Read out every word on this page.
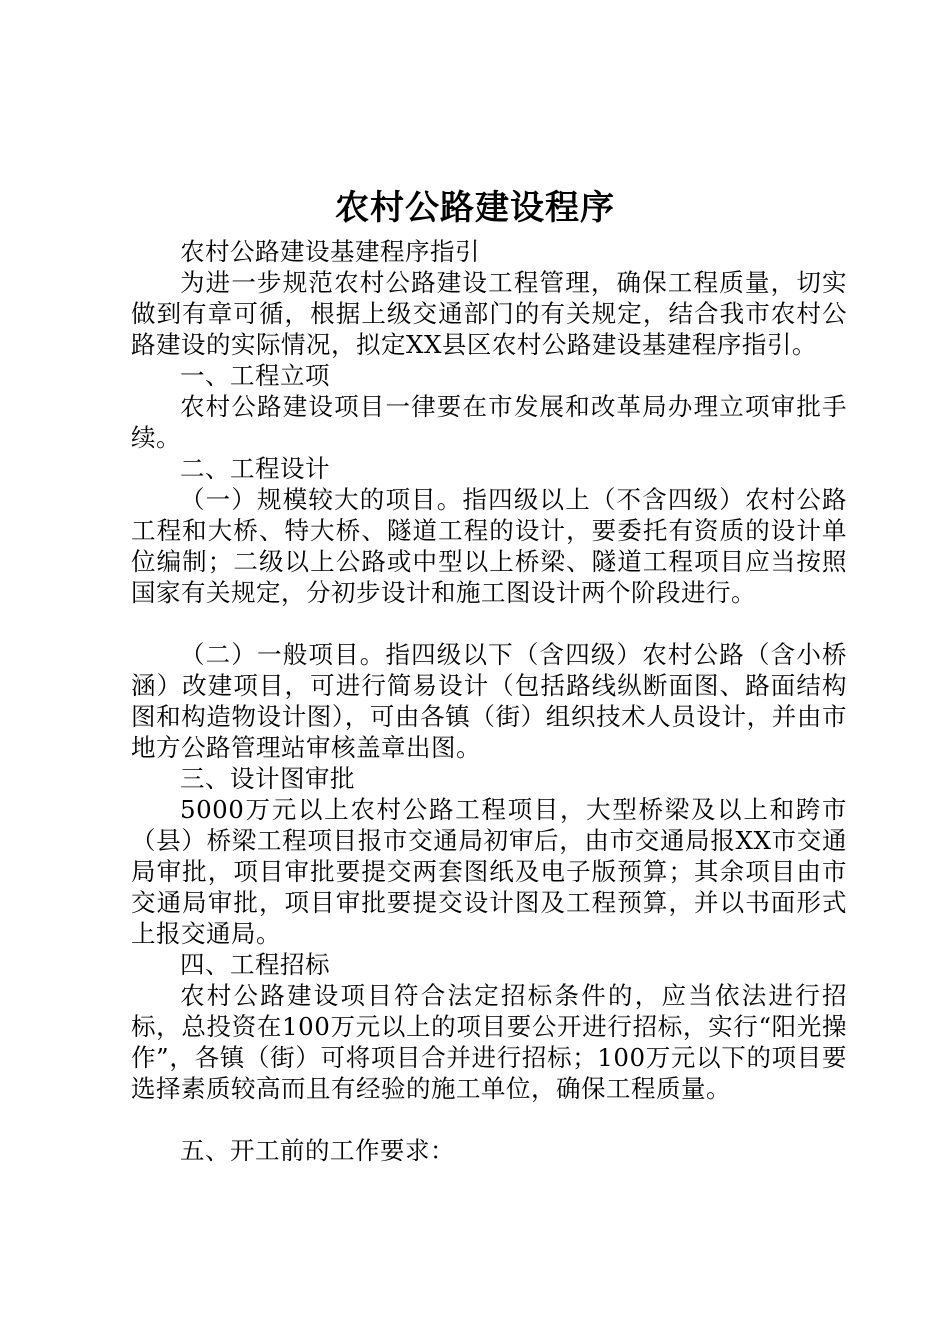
农村公路建设程序

农村公路建设基建程序指引

为进一步规范农村公路建设工程管理，确保工程质量，切实做到有章可循，根据上级交通部门的有关规定，结合我市农村公路建设的实际情况，拟定XX县区农村公路建设基建程序指引。

一、工程立项

农村公路建设项目一律要在市发展和改革局办理立项审批手续。

二、工程设计

（一）规模较大的项目。指四级以上（不含四级）农村公路工程和大桥、特大桥、隧道工程的设计，要委托有资质的设计单位编制；二级以上公路或中型以上桥梁、隧道工程项目应当按照国家有关规定，分初步设计和施工图设计两个阶段进行。

（二）一般项目。指四级以下（含四级）农村公路（含小桥涵）改建项目，可进行简易设计（包括路线纵断面图、路面结构图和构造物设计图），可由各镇（街）组织技术人员设计，并由市地方公路管理站审核盖章出图。

三、设计图审批

5000万元以上农村公路工程项目，大型桥梁及以上和跨市（县）桥梁工程项目报市交通局初审后，由市交通局报XX市交通局审批，项目审批要提交两套图纸及电子版预算；其余项目由市交通局审批，项目审批要提交设计图及工程预算，并以书面形式上报交通局。

四、工程招标

农村公路建设项目符合法定招标条件的，应当依法进行招标，总投资在100万元以上的项目要公开进行招标，实行“阳光操作”，各镇（街）可将项目合并进行招标；100万元以下的项目要选择素质较高而且有经验的施工单位，确保工程质量。

五、开工前的工作要求：
